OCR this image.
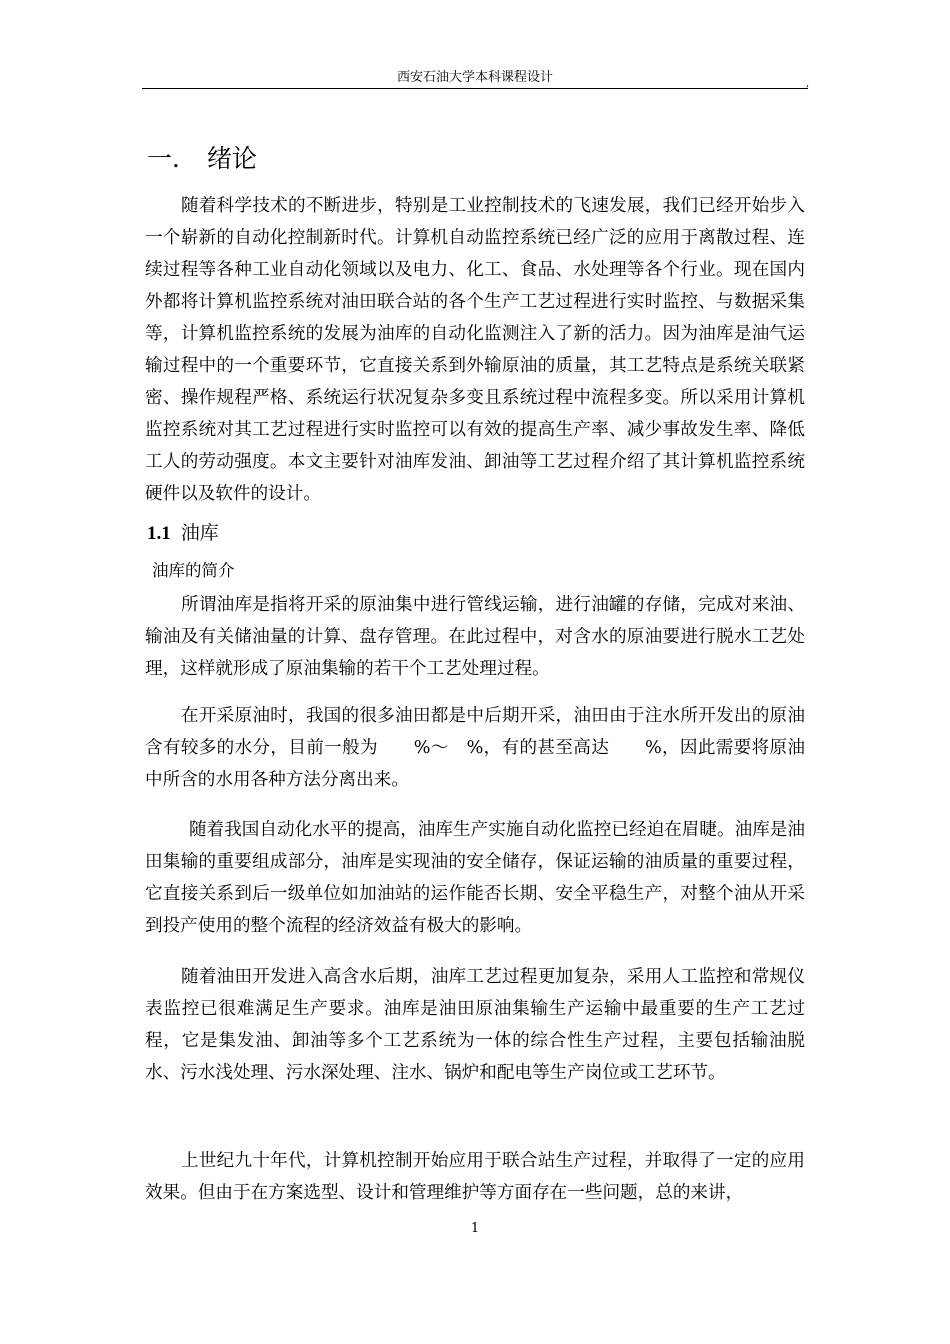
西安石油大学本科课程设计	,
一． 绪论

随着科学技术的不断进步，特别是工业控制技术的飞速发展，我们已经开始步入一个崭新的自动化控制新时代。计算机自动监控系统已经广泛的应用于离散过程、连续过程等各种工业自动化领域以及电力、化工、食品、水处理等各个行业。现在国内外都将计算机监控系统对油田联合站的各个生产工艺过程进行实时监控、与数据采集等，计算机监控系统的发展为油库的自动化监测注入了新的活力。因为油库是油气运输过程中的一个重要环节，它直接关系到外输原油的质量，其工艺特点是系统关联紧密、操作规程严格、系统运行状况复杂多变且系统过程中流程多变。所以采用计算机监控系统对其工艺过程进行实时监控可以有效的提高生产率、减少事故发生率、降低工人的劳动强度。本文主要针对油库发油、卸油等工艺过程介绍了其计算机监控系统硬件以及软件的设计。

1.1 油库
油库的简介

所谓油库是指将开采的原油集中进行管线运输，进行油罐的存储，完成对来油、输油及有关储油量的计算、盘存管理。在此过程中，对含水的原油要进行脱水工艺处理，这样就形成了原油集输的若干个工艺处理过程。

在开采原油时，我国的很多油田都是中后期开采，油田由于注水所开发出的原油含有较多的水分，目前一般为　　%～　%，有的甚至高达　　%，因此需要将原油中所含的水用各种方法分离出来。

随着我国自动化水平的提高，油库生产实施自动化监控已经迫在眉睫。油库是油田集输的重要组成部分，油库是实现油的安全储存，保证运输的油质量的重要过程，它直接关系到后一级单位如加油站的运作能否长期、安全平稳生产，对整个油从开采到投产使用的整个流程的经济效益有极大的影响。

随着油田开发进入高含水后期，油库工艺过程更加复杂，采用人工监控和常规仪表监控已很难满足生产要求。油库是油田原油集输生产运输中最重要的生产工艺过程，它是集发油、卸油等多个工艺系统为一体的综合性生产过程，主要包括输油脱水、污水浅处理、污水深处理、注水、锅炉和配电等生产岗位或工艺环节。

上世纪九十年代，计算机控制开始应用于联合站生产过程，并取得了一定的应用效果。但由于在方案选型、设计和管理维护等方面存在一些问题，总的来讲，

1
